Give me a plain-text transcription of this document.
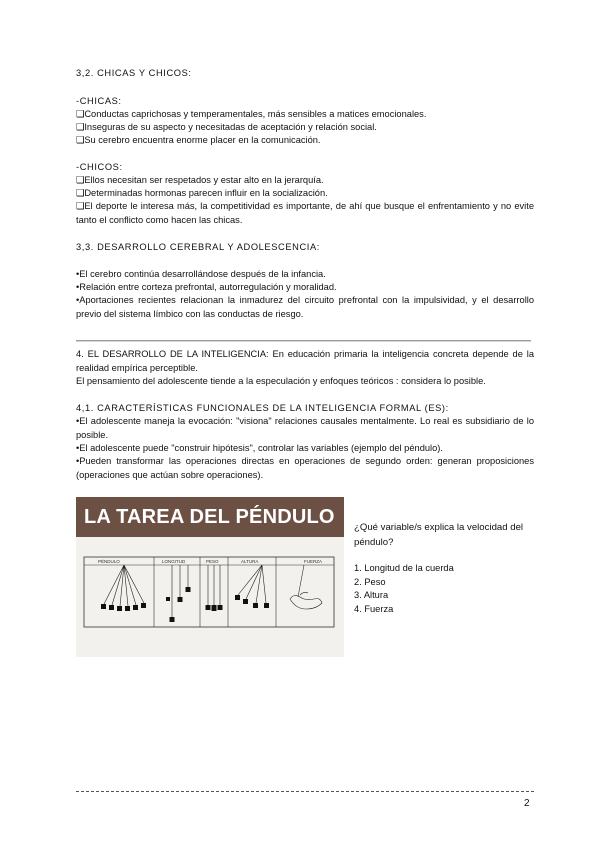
3,2. CHICAS Y CHICOS:
-CHICAS:
❑Conductas caprichosas y temperamentales, más sensibles a matices emocionales.
❑Inseguras de su aspecto y necesitadas de aceptación y relación social.
❑Su cerebro encuentra enorme placer en la comunicación.
-CHICOS:
❑Ellos necesitan ser respetados y estar alto en la jerarquía.
❑Determinadas hormonas parecen influir en la socialización.
❑El deporte le interesa más, la competitividad es importante, de ahí que busque el enfrentamiento y no evite tanto el conflicto como hacen las chicas.
3,3. DESARROLLO CEREBRAL Y ADOLESCENCIA:
•El cerebro continúa desarrollándose después de la infancia.
•Relación entre corteza prefrontal, autorregulación y moralidad.
•Aportaciones recientes relacionan la inmadurez del circuito prefrontal con la impulsividad, y el desarrollo previo del sistema límbico con las conductas de riesgo.
4. EL DESARROLLO DE LA INTELIGENCIA: En educación primaria la inteligencia concreta depende de la realidad empírica perceptible.
El pensamiento del adolescente tiende a la especulación y enfoques teóricos : considera lo posible.
4,1. CARACTERÍSTICAS FUNCIONALES DE LA INTELIGENCIA FORMAL (ES):
•El adolescente maneja la evocación: "visiona" relaciones causales mentalmente. Lo real es subsidiario de lo posible.
•El adolescente puede "construir hipótesis", controlar las variables (ejemplo del péndulo).
•Pueden transformar las operaciones directas en operaciones de segundo orden: generan proposiciones (operaciones que actúan sobre operaciones).
LA TAREA DEL PÉNDULO
PÉNDULO	LONGITUD	PESO	ALTURA	FUERZA
¿Qué variable/s explica la velocidad del péndulo?
1. Longitud de la cuerda
2. Peso
3. Altura
4. Fuerza
2
